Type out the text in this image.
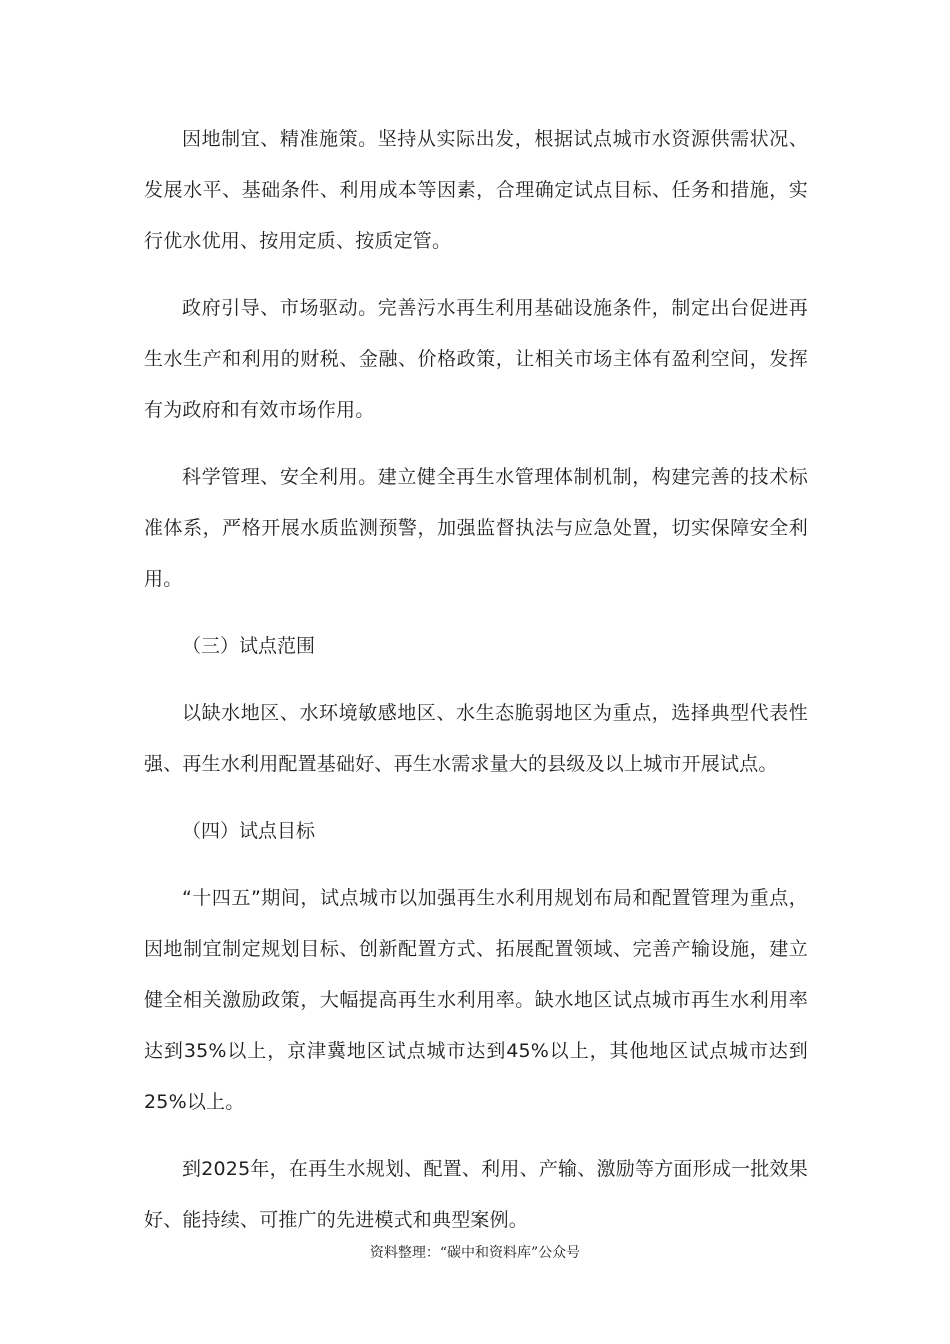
因地制宜、精准施策。坚持从实际出发，根据试点城市水资源供需状况、发展水平、基础条件、利用成本等因素，合理确定试点目标、任务和措施，实行优水优用、按用定质、按质定管。

政府引导、市场驱动。完善污水再生利用基础设施条件，制定出台促进再生水生产和利用的财税、金融、价格政策，让相关市场主体有盈利空间，发挥有为政府和有效市场作用。

科学管理、安全利用。建立健全再生水管理体制机制，构建完善的技术标准体系，严格开展水质监测预警，加强监督执法与应急处置，切实保障安全利用。

（三）试点范围

以缺水地区、水环境敏感地区、水生态脆弱地区为重点，选择典型代表性强、再生水利用配置基础好、再生水需求量大的县级及以上城市开展试点。

（四）试点目标

“十四五”期间，试点城市以加强再生水利用规划布局和配置管理为重点，因地制宜制定规划目标、创新配置方式、拓展配置领域、完善产输设施，建立健全相关激励政策，大幅提高再生水利用率。缺水地区试点城市再生水利用率达到35%以上，京津冀地区试点城市达到45%以上，其他地区试点城市达到25%以上。

到2025年，在再生水规划、配置、利用、产输、激励等方面形成一批效果好、能持续、可推广的先进模式和典型案例。

资料整理：“碳中和资料库”公众号
